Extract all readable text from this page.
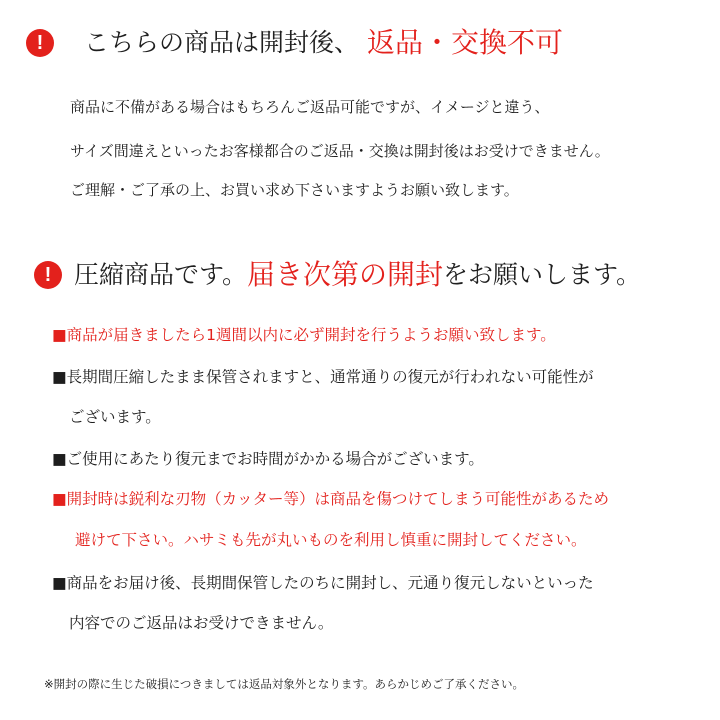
!	こちらの商品は開封後、 返品・交換不可
商品に不備がある場合はもちろんご返品可能ですが、イメージと違う、
サイズ間違えといったお客様都合のご返品・交換は開封後はお受けできません。
ご理解・ご了承の上、お買い求め下さいますようお願い致します。
! 圧縮商品です。 届き次第の開封 をお願いします。
■商品が届きましたら1週間以内に必ず開封を行うようお願い致します。
■長期間圧縮したまま保管されますと、通常通りの復元が行われない可能性が
ございます。
■ご使用にあたり復元までお時間がかかる場合がございます。
■開封時は鋭利な刃物（カッター等）は商品を傷つけてしまう可能性があるため
避けて下さい。ハサミも先が丸いものを利用し慎重に開封してください。
■商品をお届け後、長期間保管したのちに開封し、元通り復元しないといった
内容でのご返品はお受けできません。
※開封の際に生じた破損につきましては返品対象外となります。あらかじめご了承ください。
